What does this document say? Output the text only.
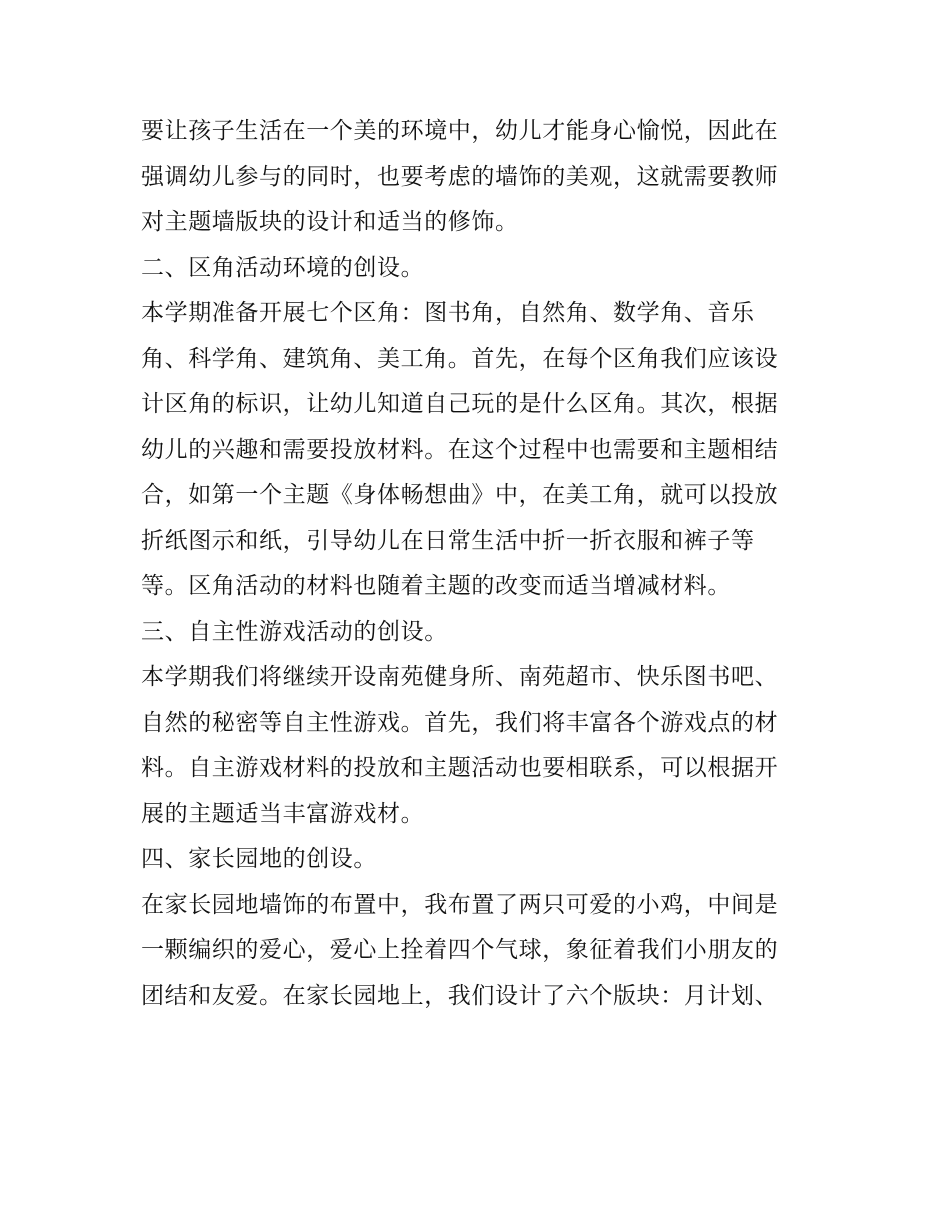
要让孩子生活在一个美的环境中，幼儿才能身心愉悦，因此在
强调幼儿参与的同时，也要考虑的墙饰的美观，这就需要教师
对主题墙版块的设计和适当的修饰。
二、区角活动环境的创设。
本学期准备开展七个区角：图书角，自然角、数学角、音乐
角、科学角、建筑角、美工角。首先，在每个区角我们应该设
计区角的标识，让幼儿知道自己玩的是什么区角。其次，根据
幼儿的兴趣和需要投放材料。在这个过程中也需要和主题相结
合，如第一个主题《身体畅想曲》中，在美工角，就可以投放
折纸图示和纸，引导幼儿在日常生活中折一折衣服和裤子等
等。区角活动的材料也随着主题的改变而适当增减材料。
三、自主性游戏活动的创设。
本学期我们将继续开设南苑健身所、南苑超市、快乐图书吧、
自然的秘密等自主性游戏。首先，我们将丰富各个游戏点的材
料。自主游戏材料的投放和主题活动也要相联系，可以根据开
展的主题适当丰富游戏材。
四、家长园地的创设。
在家长园地墙饰的布置中，我布置了两只可爱的小鸡，中间是
一颗编织的爱心，爱心上拴着四个气球，象征着我们小朋友的
团结和友爱。在家长园地上，我们设计了六个版块：月计划、
